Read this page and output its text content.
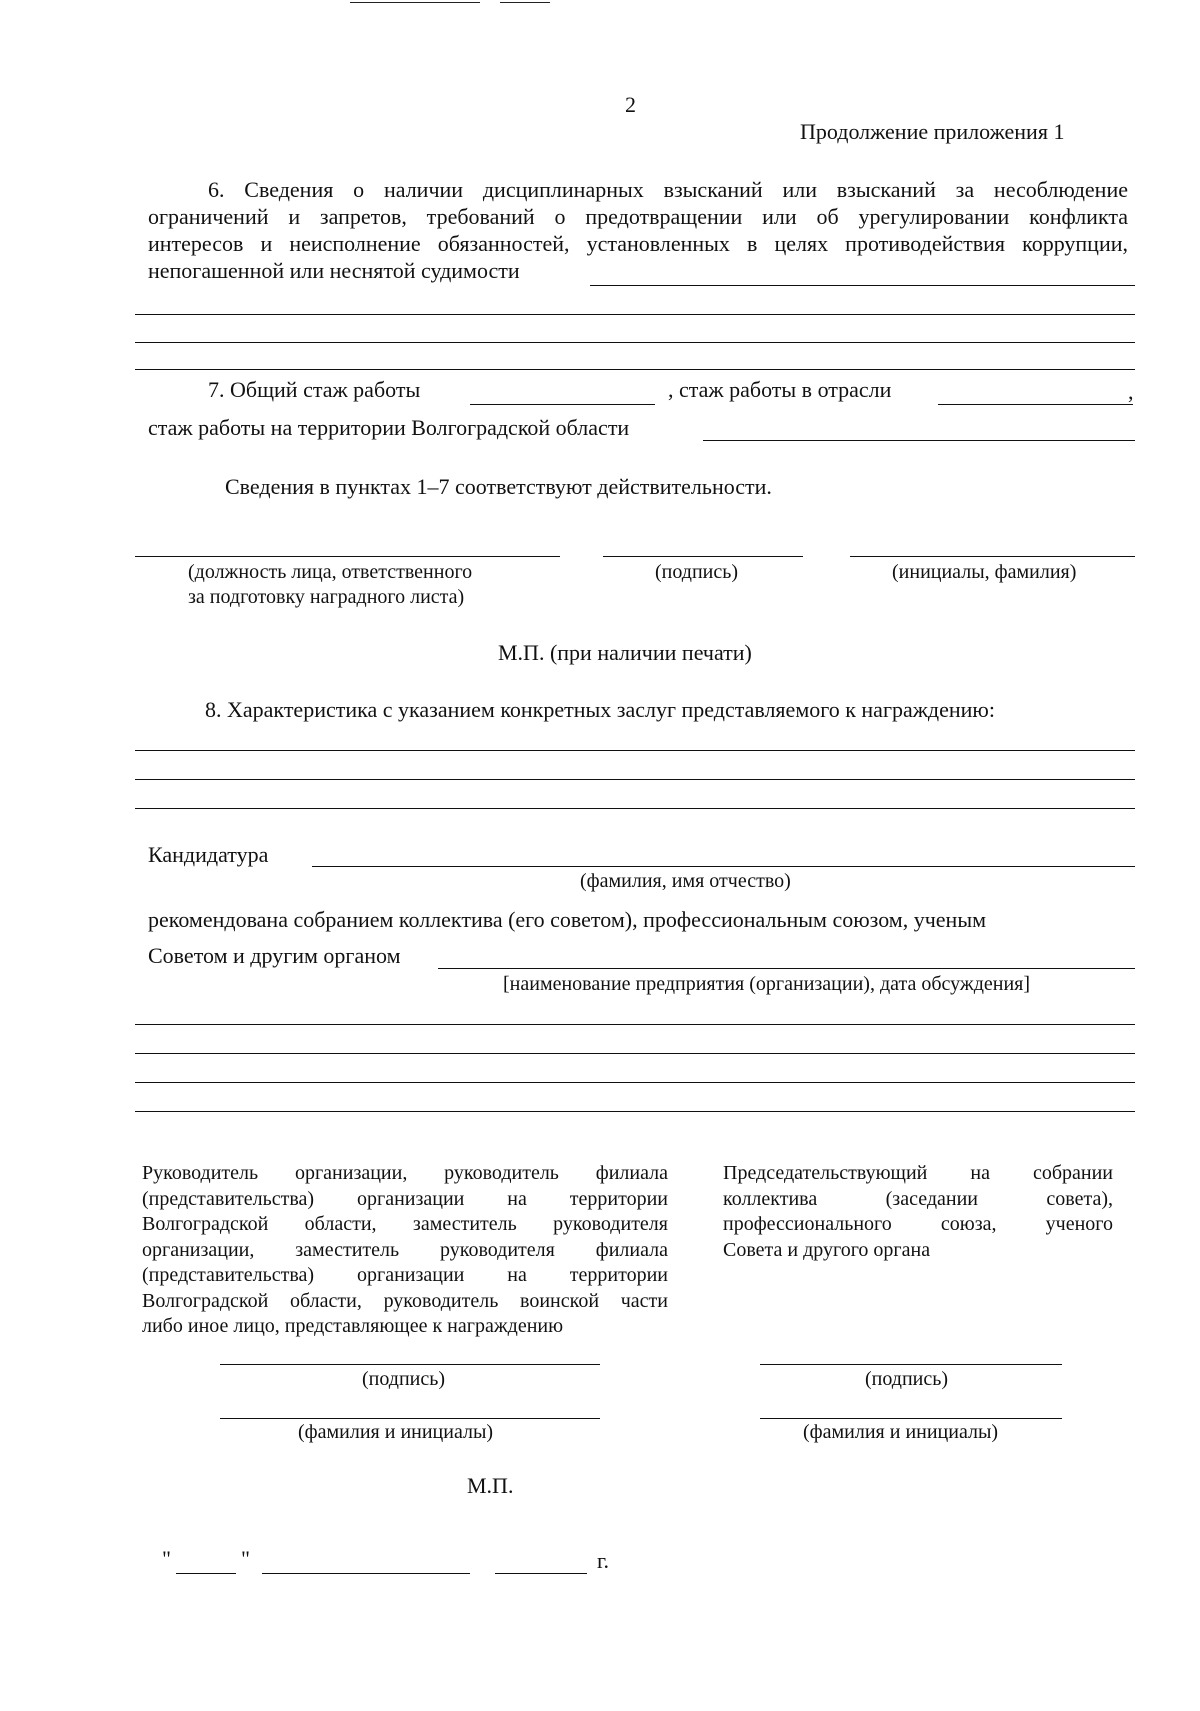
2
Продолжение приложения 1
6. Сведения о наличии дисциплинарных взысканий или взысканий за несоблюдение
ограничений и запретов, требований о предотвращении или об урегулировании конфликта
интересов и неисполнение обязанностей, установленных в целях противодействия коррупции,
непогашенной или неснятой судимости
7. Общий стаж работы	, стаж работы в отрасли	,
стаж работы на территории Волгоградской области
Сведения в пунктах 1–7 соответствуют действительности.
(должность лица, ответственного
за подготовку наградного листа)
(подпись)	(инициалы, фамилия)
М.П. (при наличии печати)
8. Характеристика с указанием конкретных заслуг представляемого к награждению:
Кандидатура
(фамилия, имя отчество)
рекомендована собранием коллектива (его советом), профессиональным союзом, ученым
Советом и другим органом
[наименование предприятия (организации), дата обсуждения]
Руководитель организации, руководитель филиала
(представительства) организации на территории
Волгоградской области, заместитель руководителя
организации, заместитель руководителя филиала
(представительства) организации на территории
Волгоградской области, руководитель воинской части
либо иное лицо, представляющее к награждению
(подпись)
(фамилия и инициалы)
М.П.
Председательствующий на собрании
коллектива (заседании совета),
профессионального союза, ученого
Совета и другого органа
(подпись)
(фамилия и инициалы)
"	"	г.
